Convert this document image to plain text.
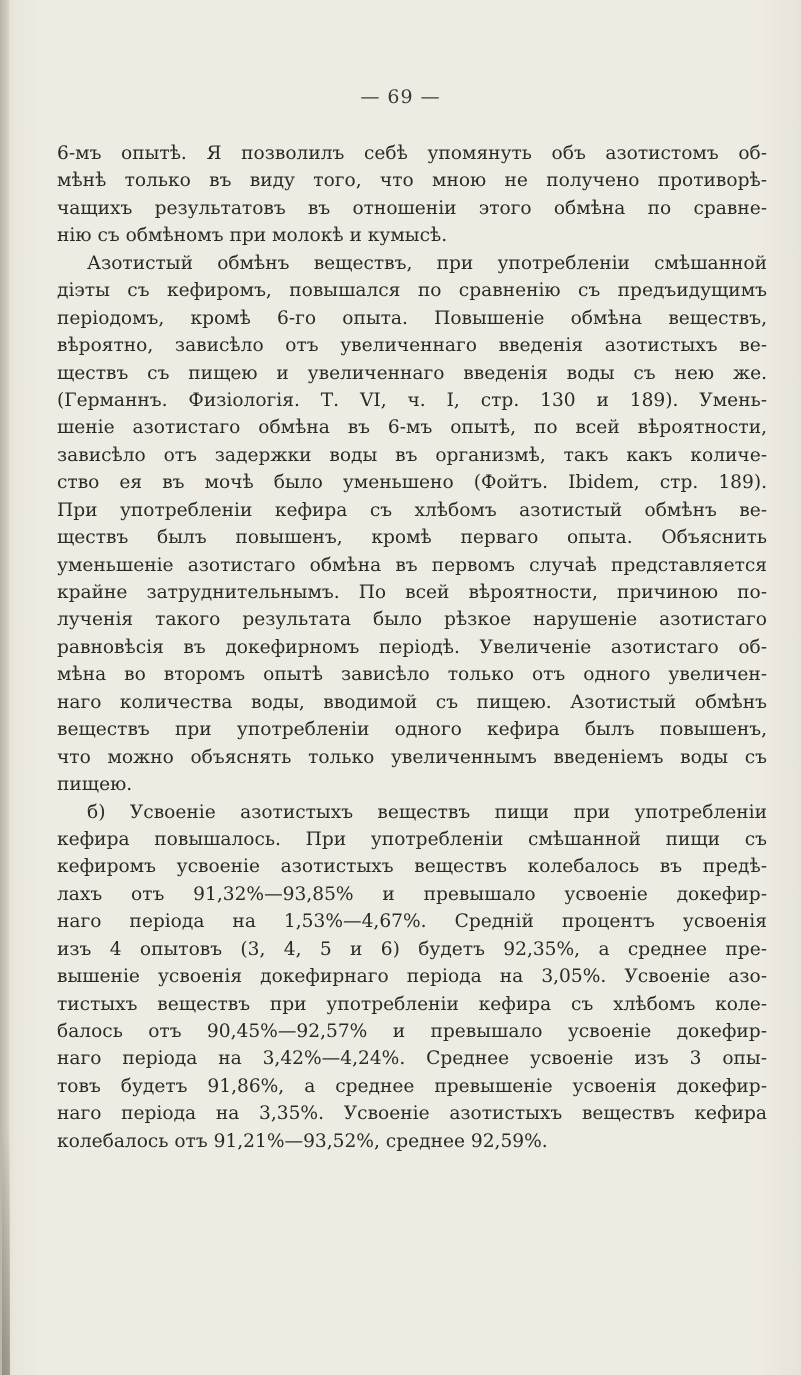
— 69 —
6-мъ опытѣ. Я позволилъ себѣ упомянуть объ азотистомъ об-
мѣнѣ только въ виду того, что мною не получено противорѣ-
чащихъ результатовъ въ отношеніи этого обмѣна по сравне-
нію съ обмѣномъ при молокѣ и кумысѣ.
Азотистый обмѣнъ веществъ, при употребленіи смѣшанной
діэты съ кефиромъ, повышался по сравненію съ предъидущимъ
періодомъ, кромѣ 6-го опыта. Повышеніе обмѣна веществъ,
вѣроятно, зависѣло отъ увеличеннаго введенія азотистыхъ ве-
ществъ съ пищею и увеличеннаго введенія воды съ нею же.
(Германнъ. Физіологія. Т. VI, ч. I, стр. 130 и 189). Умень-
шеніе азотистаго обмѣна въ 6-мъ опытѣ, по всей вѣроятности,
зависѣло отъ задержки воды въ организмѣ, такъ какъ количе-
ство ея въ мочѣ было уменьшено (Фойтъ. Ibidem, стр. 189).
При употребленіи кефира съ хлѣбомъ азотистый обмѣнъ ве-
ществъ былъ повышенъ, кромѣ перваго опыта. Объяснить
уменьшеніе азотистаго обмѣна въ первомъ случаѣ представляется
крайне затруднительнымъ. По всей вѣроятности, причиною по-
лученія такого результата было рѣзкое нарушеніе азотистаго
равновѣсія въ докефирномъ періодѣ. Увеличеніе азотистаго об-
мѣна во второмъ опытѣ зависѣло только отъ одного увеличен-
наго количества воды, вводимой съ пищею. Азотистый обмѣнъ
веществъ при употребленіи одного кефира былъ повышенъ,
что можно объяснять только увеличеннымъ введеніемъ воды съ
пищею.
б) Усвоеніе азотистыхъ веществъ пищи при употребленіи
кефира повышалось. При употребленіи смѣшанной пищи съ
кефиромъ усвоеніе азотистыхъ веществъ колебалось въ предѣ-
лахъ отъ 91,32%—93,85% и превышало усвоеніе докефир-
наго періода на 1,53%—4,67%. Средній процентъ усвоенія
изъ 4 опытовъ (3, 4, 5 и 6) будетъ 92,35%, а среднее пре-
вышеніе усвоенія докефирнаго періода на 3,05%. Усвоеніе азо-
тистыхъ веществъ при употребленіи кефира съ хлѣбомъ коле-
балось отъ 90,45%—92,57% и превышало усвоеніе докефир-
наго періода на 3,42%—4,24%. Среднее усвоеніе изъ 3 опы-
товъ будетъ 91,86%, а среднее превышеніе усвоенія докефир-
наго періода на 3,35%. Усвоеніе азотистыхъ веществъ кефира
колебалось отъ 91,21%—93,52%, среднее 92,59%.
